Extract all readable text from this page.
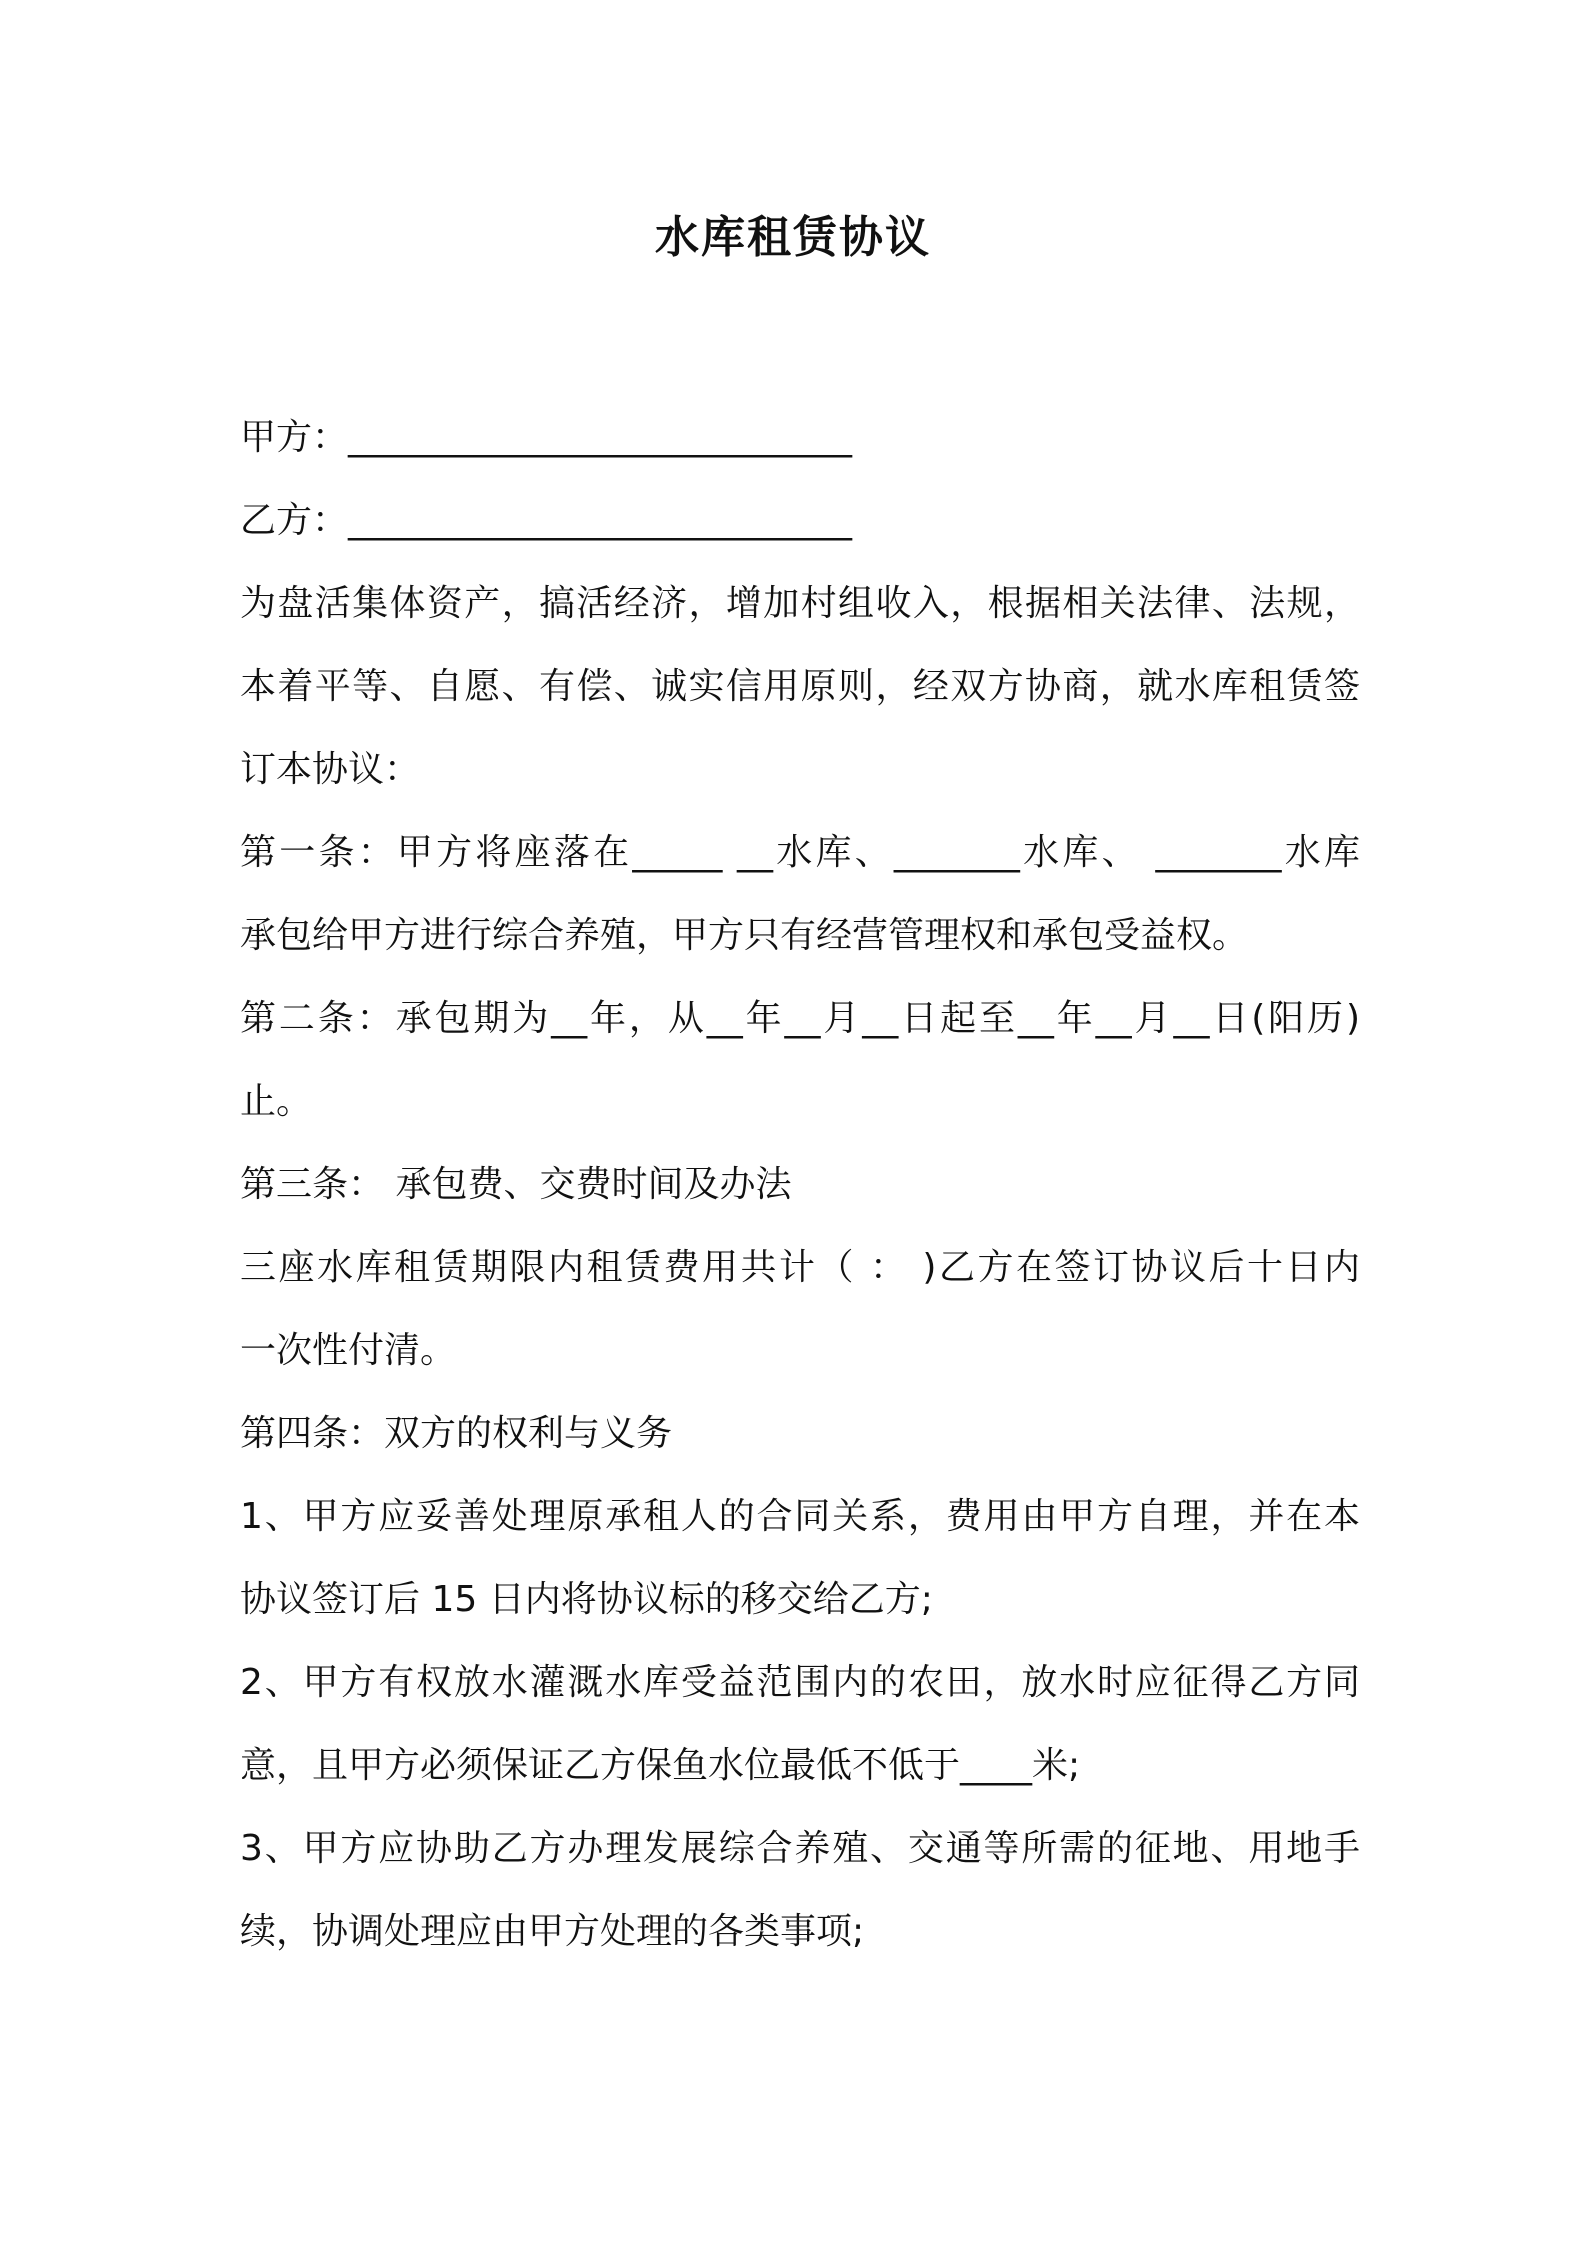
水库租赁协议
甲方：____________________________
乙方：____________________________
为盘活集体资产，搞活经济，增加村组收入，根据相关法律、法规，
本着平等、自愿、有偿、诚实信用原则，经双方协商，就水库租赁签
订本协议：
第一条：甲方将座落在_____ __水库、_______水库、 _______水库
承包给甲方进行综合养殖，甲方只有经营管理权和承包受益权。
第二条：承包期为__年，从__年__月__日起至__年__月__日(阳历)
止。
第三条： 承包费、交费时间及办法
三座水库租赁期限内租赁费用共计（ ： )乙方在签订协议后十日内
一次性付清。
第四条：双方的权利与义务
1、甲方应妥善处理原承租人的合同关系，费用由甲方自理，并在本
协议签订后 15 日内将协议标的移交给乙方;
2、甲方有权放水灌溉水库受益范围内的农田，放水时应征得乙方同
意，且甲方必须保证乙方保鱼水位最低不低于____米;
3、甲方应协助乙方办理发展综合养殖、交通等所需的征地、用地手
续，协调处理应由甲方处理的各类事项;
